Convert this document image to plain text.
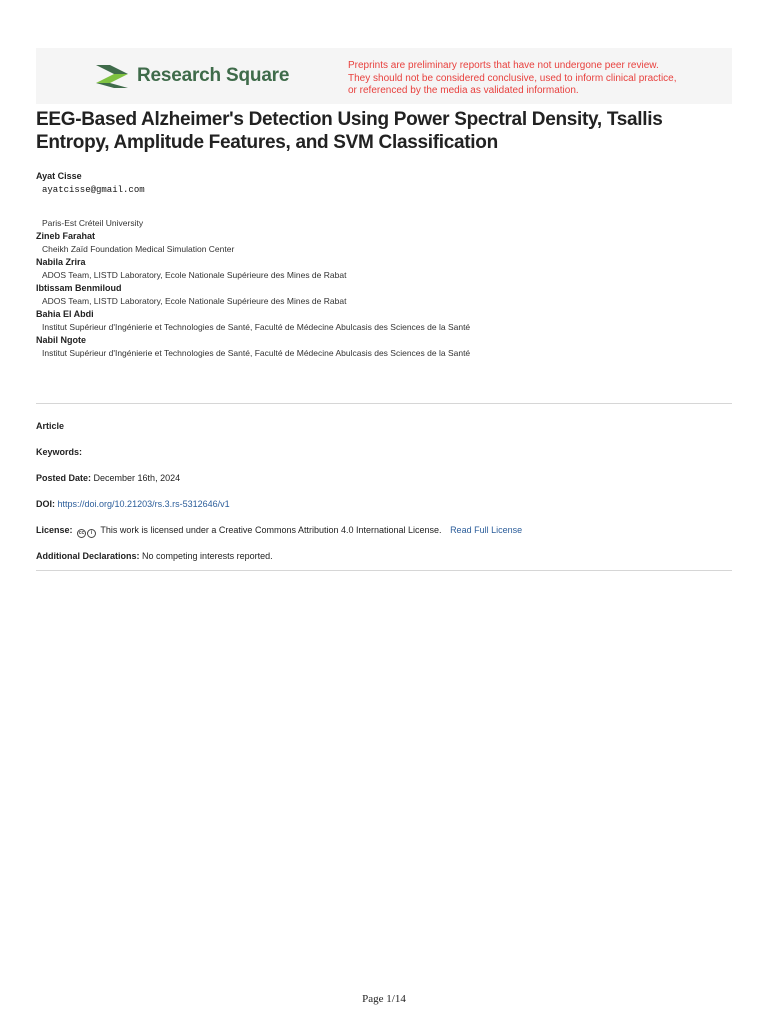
Research Square	Preprints are preliminary reports that have not undergone peer review.
They should not be considered conclusive, used to inform clinical practice,
or referenced by the media as validated information.
EEG-Based Alzheimer's Detection Using Power Spectral Density, Tsallis Entropy, Amplitude Features, and SVM Classification
Ayat Cisse
ayatcisse@gmail.com
Paris-Est Créteil University
Zineb Farahat
Cheikh Zaïd Foundation Medical Simulation Center
Nabila Zrira
ADOS Team, LISTD Laboratory, Ecole Nationale Supérieure des Mines de Rabat
Ibtissam Benmiloud
ADOS Team, LISTD Laboratory, Ecole Nationale Supérieure des Mines de Rabat
Bahia El Abdi
Institut Supérieur d'Ingénierie et Technologies de Santé, Faculté de Médecine Abulcasis des Sciences de la Santé
Nabil Ngote
Institut Supérieur d'Ingénierie et Technologies de Santé, Faculté de Médecine Abulcasis des Sciences de la Santé
Article
Keywords:
Posted Date: December 16th, 2024
DOI: https://doi.org/10.21203/rs.3.rs-5312646/v1
License:	cc	i This work is licensed under a Creative Commons Attribution 4.0 International License. Read Full License
Additional Declarations: No competing interests reported.
Page 1/14
